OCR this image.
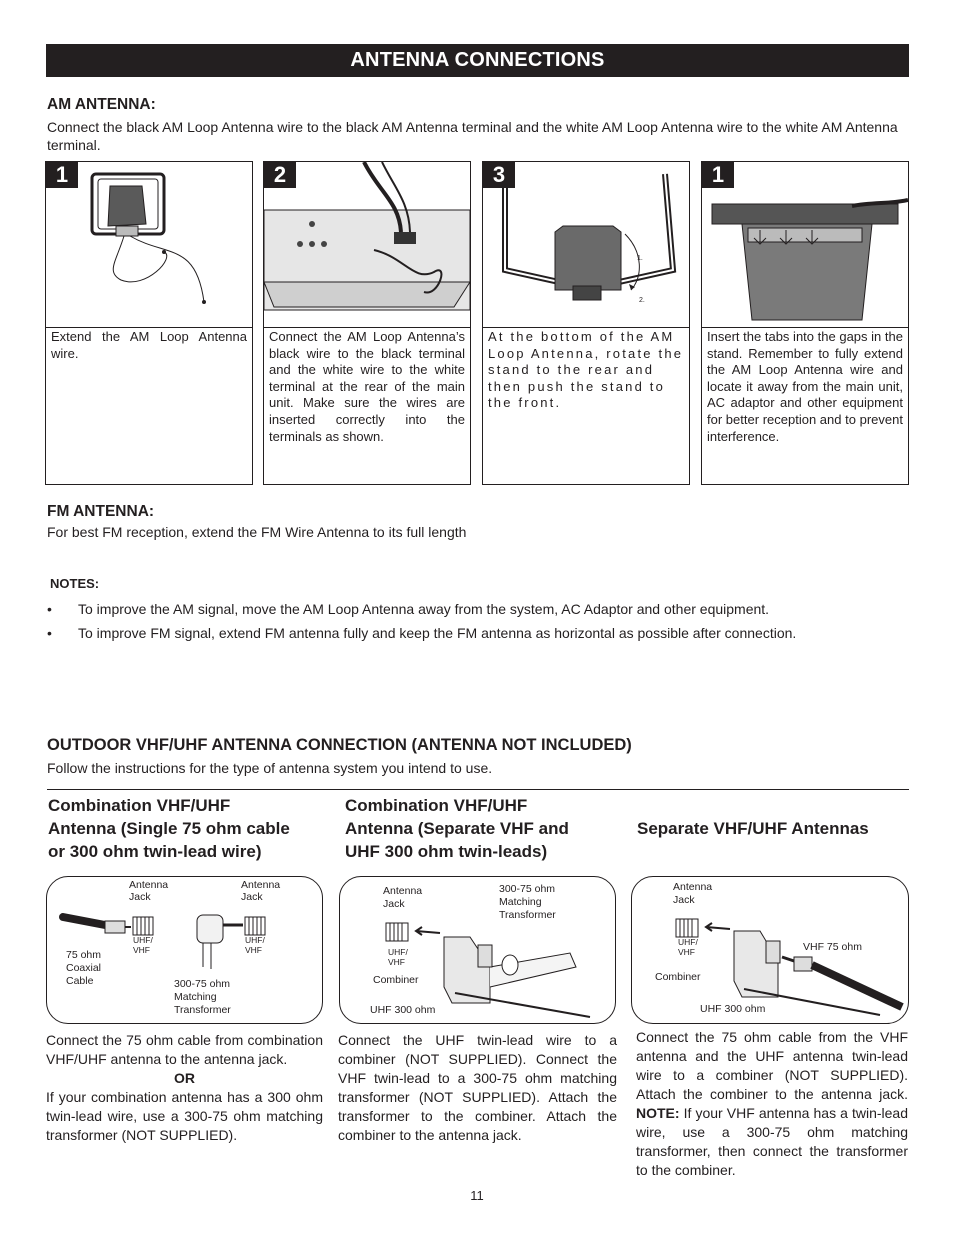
ANTENNA CONNECTIONS
AM ANTENNA:
Connect the black AM Loop Antenna wire to the black AM Antenna terminal and the white AM Loop Antenna wire to the white AM Antenna terminal.
1
Extend the AM Loop Antenna wire.
2
Connect the AM Loop Antenna’s black wire to the black terminal and the white wire to the white terminal at the rear of the main unit. Make sure the wires are inserted correctly into the terminals as shown.
3
1.
2.
At the bottom of the AM Loop Antenna, rotate the stand to the rear and then push the stand to the front.
1
Insert the tabs into the gaps in the stand. Remember to fully extend the AM Loop Antenna wire and locate it away from the main unit, AC adaptor and other equipment for better reception and to prevent interference.
FM ANTENNA:
For best FM reception, extend the FM Wire Antenna to its full length
NOTES:
•	To improve the AM signal, move the AM Loop Antenna away from the system, AC Adaptor and other equipment.
•	To improve FM signal, extend FM antenna fully and keep the FM antenna as horizontal as possible after connection.
OUTDOOR VHF/UHF ANTENNA CONNECTION (ANTENNA NOT INCLUDED)
Follow the instructions for the type of antenna system you intend to use.
Combination VHF/UHF
Antenna (Single 75 ohm cable
or 300 ohm twin-lead wire)
Antenna
Jack
UHF/
VHF
75 ohm
Coaxial
Cable
Antenna
Jack
UHF/
VHF
300-75 ohm
Matching
Transformer
Connect the 75 ohm cable from combination VHF/UHF antenna to the antenna jack.
OR
If your combination antenna has a 300 ohm twin-lead wire, use a 300-75 ohm matching transformer (NOT SUPPLIED).
Combination VHF/UHF
Antenna (Separate VHF and
UHF 300 ohm twin-leads)
Antenna
Jack
300-75 ohm
Matching
Transformer
UHF/
VHF
Combiner
UHF 300 ohm
Connect the UHF twin-lead wire to a combiner (NOT SUPPLIED). Connect the VHF twin-lead to a 300-75 ohm matching transformer (NOT SUPPLIED). Attach the transformer to the combiner. Attach the combiner to the antenna jack.
Separate VHF/UHF Antennas
Antenna
Jack
UHF/
VHF	VHF 75 ohm
Combiner
UHF 300 ohm
Connect the 75 ohm cable from the VHF antenna and the UHF antenna twin-lead wire to a combiner (NOT SUPPLIED). Attach the combiner to the antenna jack. NOTE: If your VHF antenna has a twin-lead wire, use a 300-75 ohm matching transformer, then connect the transformer to the combiner.
11
